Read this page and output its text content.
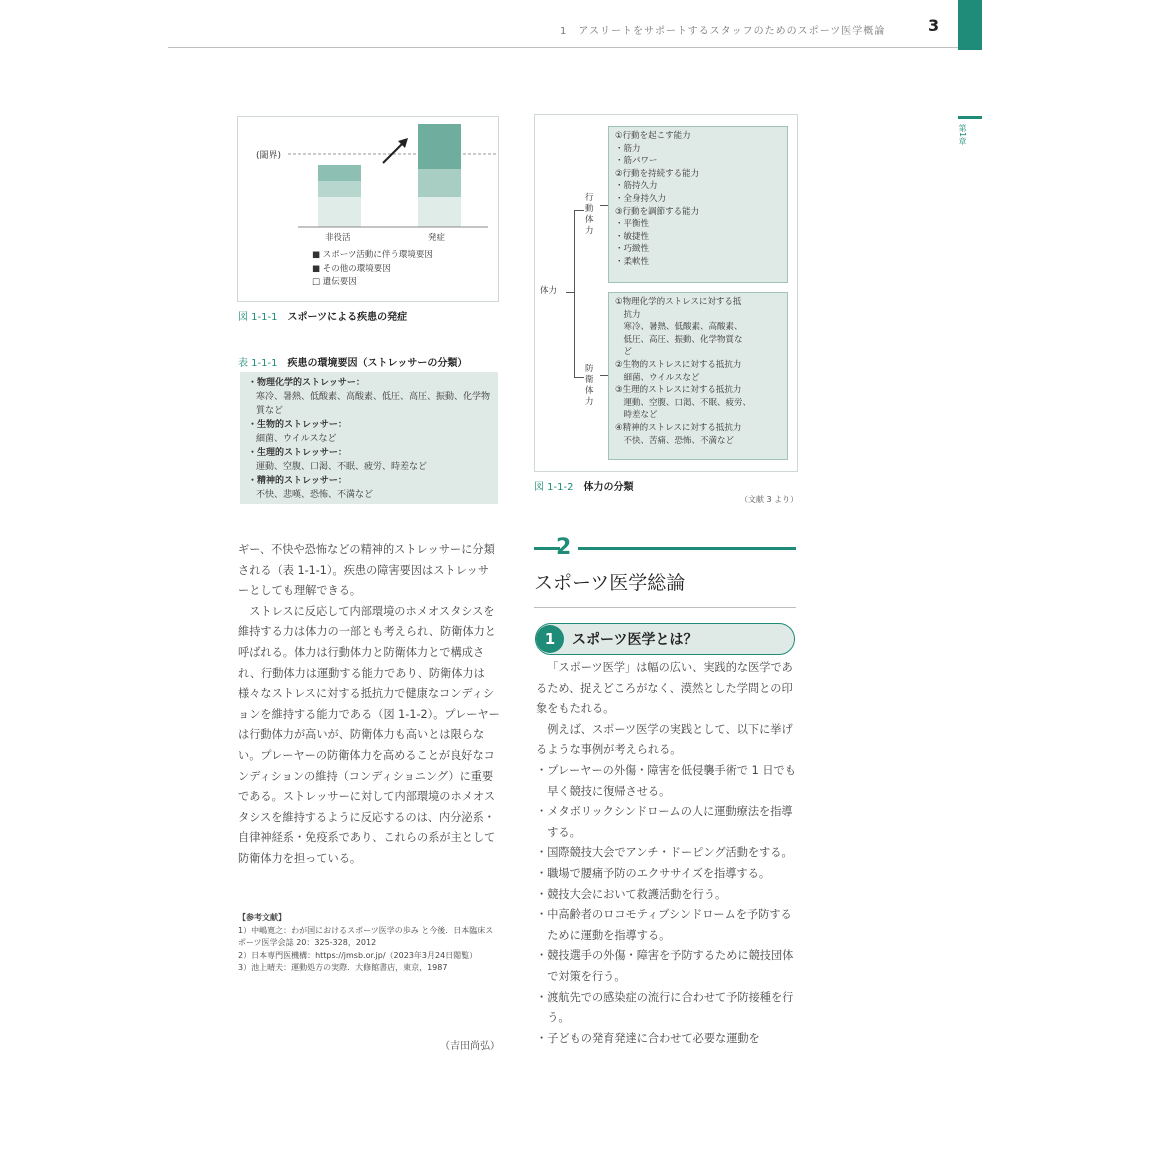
1　アスリートをサポートするスタッフのためのスポーツ医学概論	3
第1章
(閾界)
非役活	発症
■ スポーツ活動に伴う環境要因
■ その他の環境要因
□ 遺伝要因
図 1-1-1 スポーツによる疾患の発症
表 1-1-1 疾患の環境要因（ストレッサーの分類）
・物理化学的ストレッサー：
寒冷、暑熱、低酸素、高酸素、低圧、高圧、振動、化学物質など
・生物的ストレッサー：
細菌、ウイルスなど
・生理的ストレッサー：
運動、空腹、口渇、不眠、疲労、時差など
・精神的ストレッサー：
不快、悲嘆、恐怖、不満など
ギー、不快や恐怖などの精神的ストレッサーに分類される（表 1-1-1）。疾患の障害要因はストレッサーとしても理解できる。
ストレスに反応して内部環境のホメオスタシスを維持する力は体力の一部とも考えられ、防衛体力と呼ばれる。体力は行動体力と防衛体力とで構成され、行動体力は運動する能力であり、防衛体力は様々なストレスに対する抵抗力で健康なコンディションを維持する能力である（図 1-1-2）。プレーヤーは行動体力が高いが、防衛体力も高いとは限らない。プレーヤーの防衛体力を高めることが良好なコンディションの維持（コンディショニング）に重要である。ストレッサーに対して内部環境のホメオスタシスを維持するように反応するのは、内分泌系・自律神経系・免疫系であり、これらの系が主として防衛体力を担っている。
【参考文献】
1）中嶋寛之：わが国におけるスポーツ医学の歩み と今後．日本臨床スポーツ医学会誌 20：325-328，2012
2）日本専門医機構：https://jmsb.or.jp/（2023年3月24日閲覧）
3）池上晴夫：運動処方の実際．大修館書店，東京，1987
（吉田尚弘）
体力
行動
体力
防衛
体力
①行動を起こす能力
・筋力
・筋パワー
②行動を持続する能力
・筋持久力
・全身持久力
③行動を調節する能力
・平衡性
・敏捷性
・巧緻性
・柔軟性
①物理化学的ストレスに対する抵
　抗力
　寒冷、暑熱、低酸素、高酸素、
　低圧、高圧、振動、化学物質な
　ど
②生物的ストレスに対する抵抗力
　細菌、ウイルスなど
③生理的ストレスに対する抵抗力
　運動、空腹、口渇、不眠、疲労、
　時差など
④精神的ストレスに対する抵抗力
　不快、苦痛、恐怖、不満など
図 1-1-2 体力の分類
（文献 3 より）
2
スポーツ医学総論
1	スポーツ医学とは？
「スポーツ医学」は幅の広い、実践的な医学であるため、捉えどころがなく、漠然とした学問との印象をもたれる。
例えば、スポーツ医学の実践として、以下に挙げるような事例が考えられる。
・プレーヤーの外傷・障害を低侵襲手術で 1 日でも早く競技に復帰させる。
・メタボリックシンドロームの人に運動療法を指導する。
・国際競技大会でアンチ・ドーピング活動をする。
・職場で腰痛予防のエクササイズを指導する。
・競技大会において救護活動を行う。
・中高齢者のロコモティブシンドロームを予防するために運動を指導する。
・競技選手の外傷・障害を予防するために競技団体で対策を行う。
・渡航先での感染症の流行に合わせて予防接種を行う。
・子どもの発育発達に合わせて必要な運動を
